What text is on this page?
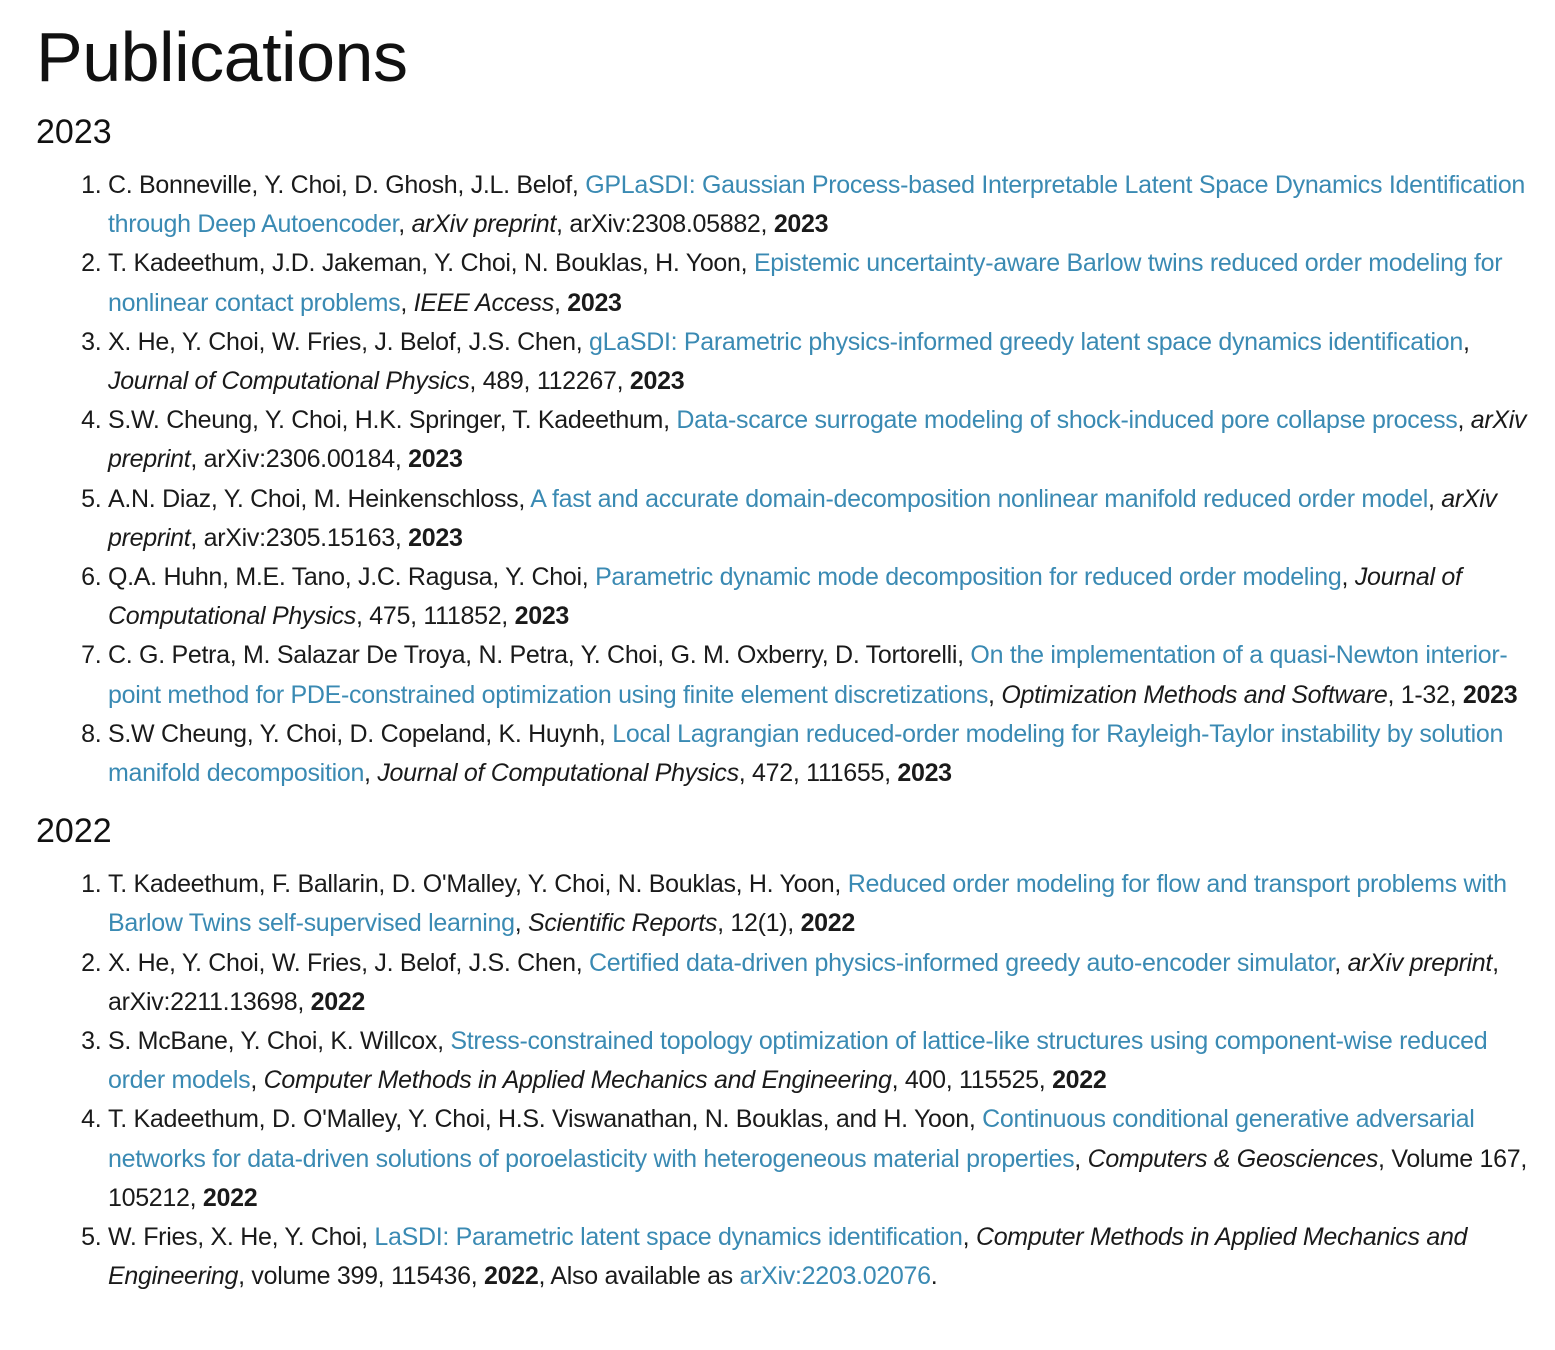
Publications
2023
1. C. Bonneville, Y. Choi, D. Ghosh, J.L. Belof, GPLaSDI: Gaussian Process-based Interpretable Latent Space Dynamics Identification through Deep Autoencoder, arXiv preprint, arXiv:2308.05882, 2023
2. T. Kadeethum, J.D. Jakeman, Y. Choi, N. Bouklas, H. Yoon, Epistemic uncertainty-aware Barlow twins reduced order modeling for nonlinear contact problems, IEEE Access, 2023
3. X. He, Y. Choi, W. Fries, J. Belof, J.S. Chen, gLaSDI: Parametric physics-informed greedy latent space dynamics identification, Journal of Computational Physics, 489, 112267, 2023
4. S.W. Cheung, Y. Choi, H.K. Springer, T. Kadeethum, Data-scarce surrogate modeling of shock-induced pore collapse process, arXiv preprint, arXiv:2306.00184, 2023
5. A.N. Diaz, Y. Choi, M. Heinkenschloss, A fast and accurate domain-decomposition nonlinear manifold reduced order model, arXiv preprint, arXiv:2305.15163, 2023
6. Q.A. Huhn, M.E. Tano, J.C. Ragusa, Y. Choi, Parametric dynamic mode decomposition for reduced order modeling, Journal of Computational Physics, 475, 111852, 2023
7. C. G. Petra, M. Salazar De Troya, N. Petra, Y. Choi, G. M. Oxberry, D. Tortorelli, On the implementation of a quasi-Newton interior-point method for PDE-constrained optimization using finite element discretizations, Optimization Methods and Software, 1-32, 2023
8. S.W Cheung, Y. Choi, D. Copeland, K. Huynh, Local Lagrangian reduced-order modeling for Rayleigh-Taylor instability by solution manifold decomposition, Journal of Computational Physics, 472, 111655, 2023
2022
1. T. Kadeethum, F. Ballarin, D. O'Malley, Y. Choi, N. Bouklas, H. Yoon, Reduced order modeling for flow and transport problems with Barlow Twins self-supervised learning, Scientific Reports, 12(1), 2022
2. X. He, Y. Choi, W. Fries, J. Belof, J.S. Chen, Certified data-driven physics-informed greedy auto-encoder simulator, arXiv preprint, arXiv:2211.13698, 2022
3. S. McBane, Y. Choi, K. Willcox, Stress-constrained topology optimization of lattice-like structures using component-wise reduced order models, Computer Methods in Applied Mechanics and Engineering, 400, 115525, 2022
4. T. Kadeethum, D. O'Malley, Y. Choi, H.S. Viswanathan, N. Bouklas, and H. Yoon, Continuous conditional generative adversarial networks for data-driven solutions of poroelasticity with heterogeneous material properties, Computers & Geosciences, Volume 167, 105212, 2022
5. W. Fries, X. He, Y. Choi, LaSDI: Parametric latent space dynamics identification, Computer Methods in Applied Mechanics and Engineering, volume 399, 115436, 2022, Also available as arXiv:2203.02076.
